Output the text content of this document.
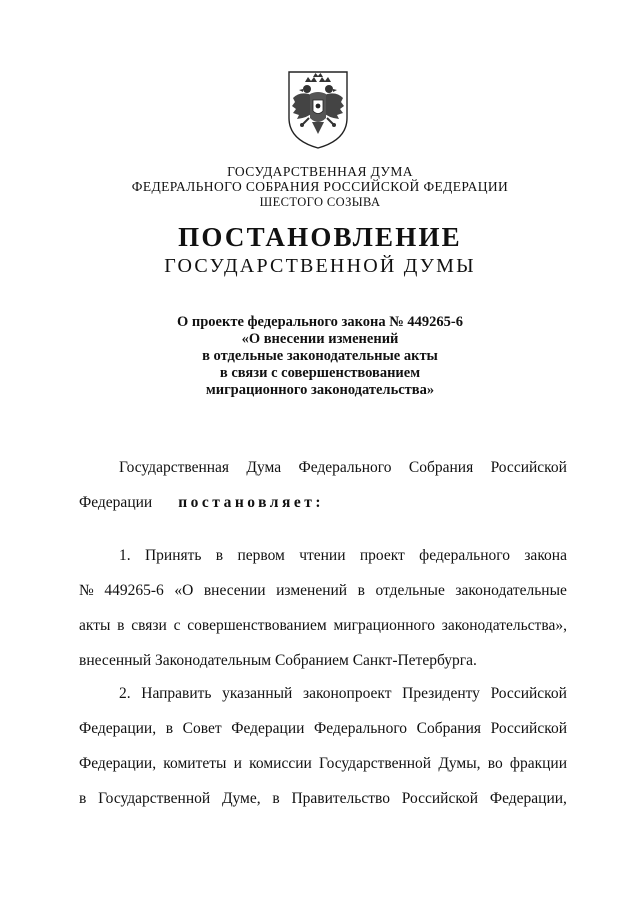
ГОСУДАРСТВЕННАЯ ДУМА
ФЕДЕРАЛЬНОГО СОБРАНИЯ РОССИЙСКОЙ ФЕДЕРАЦИИ
ШЕСТОГО СОЗЫВА
ПОСТАНОВЛЕНИЕ
ГОСУДАРСТВЕННОЙ ДУМЫ
О проекте федерального закона № 449265-6
«О внесении изменений
в отдельные законодательные акты
в связи с совершенствованием
миграционного законодательства»
Государственная Дума Федерального Собрания Российской
Федерации постановляет:
1. Принять в первом чтении проект федерального закона
№ 449265-6 «О внесении изменений в отдельные законодательные
акты в связи с совершенствованием миграционного законодательства»,
внесенный Законодательным Собранием Санкт-Петербурга.
2. Направить указанный законопроект Президенту Российской
Федерации, в Совет Федерации Федерального Собрания Российской
Федерации, комитеты и комиссии Государственной Думы, во фракции
в Государственной Думе, в Правительство Российской Федерации,
